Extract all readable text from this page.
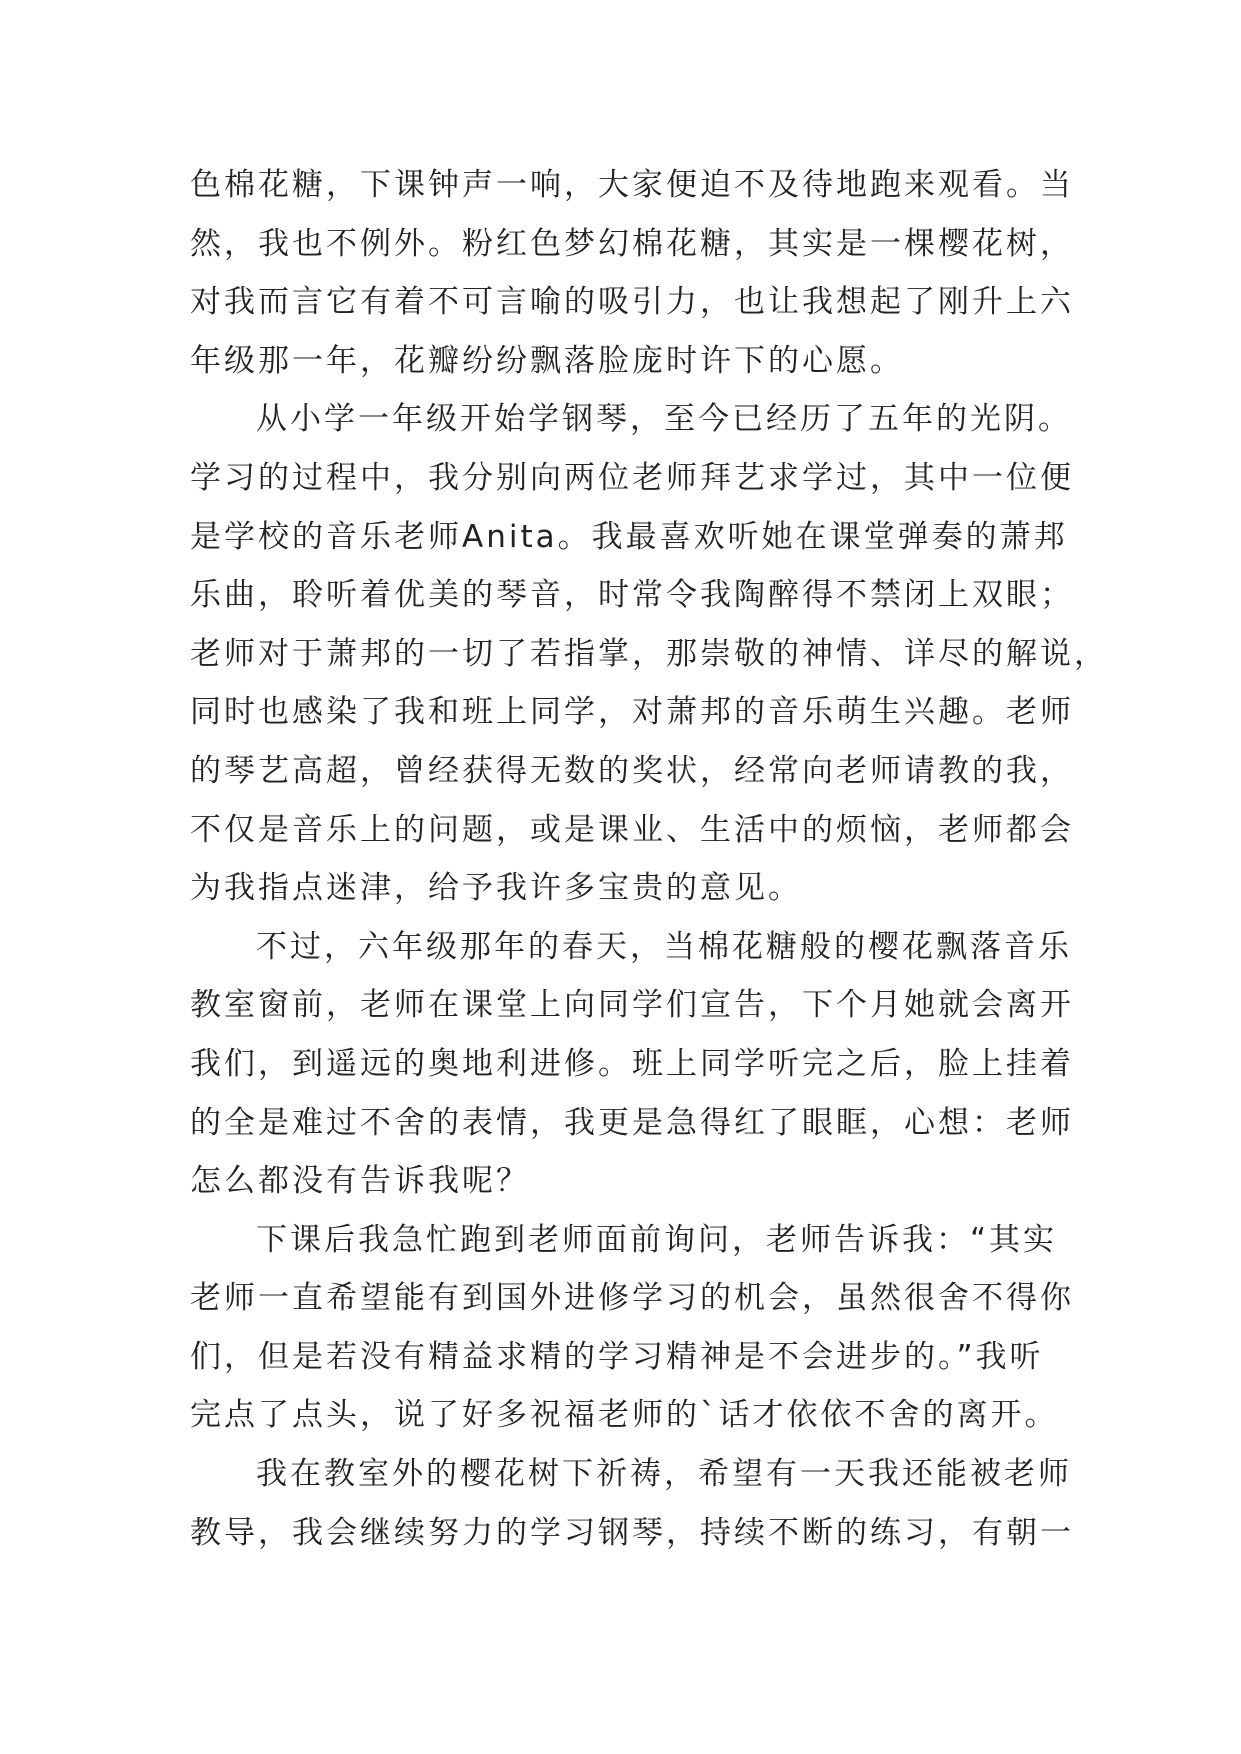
色棉花糖，下课钟声一响，大家便迫不及待地跑来观看。当
然，我也不例外。粉红色梦幻棉花糖，其实是一棵樱花树，
对我而言它有着不可言喻的吸引力，也让我想起了刚升上六
年级那一年，花瓣纷纷飘落脸庞时许下的心愿。
从小学一年级开始学钢琴，至今已经历了五年的光阴。
学习的过程中，我分别向两位老师拜艺求学过，其中一位便
是学校的音乐老师Anita。我最喜欢听她在课堂弹奏的萧邦
乐曲，聆听着优美的琴音，时常令我陶醉得不禁闭上双眼；
老师对于萧邦的一切了若指掌，那崇敬的神情、详尽的解说，
同时也感染了我和班上同学，对萧邦的音乐萌生兴趣。老师
的琴艺高超，曾经获得无数的奖状，经常向老师请教的我，
不仅是音乐上的问题，或是课业、生活中的烦恼，老师都会
为我指点迷津，给予我许多宝贵的意见。
不过，六年级那年的春天，当棉花糖般的樱花飘落音乐
教室窗前，老师在课堂上向同学们宣告，下个月她就会离开
我们，到遥远的奥地利进修。班上同学听完之后，脸上挂着
的全是难过不舍的表情，我更是急得红了眼眶，心想：老师
怎么都没有告诉我呢？
下课后我急忙跑到老师面前询问，老师告诉我：“其实
老师一直希望能有到国外进修学习的机会，虽然很舍不得你
们，但是若没有精益求精的学习精神是不会进步的。”我听
完点了点头，说了好多祝福老师的`话才依依不舍的离开。
我在教室外的樱花树下祈祷，希望有一天我还能被老师
教导，我会继续努力的学习钢琴，持续不断的练习，有朝一
